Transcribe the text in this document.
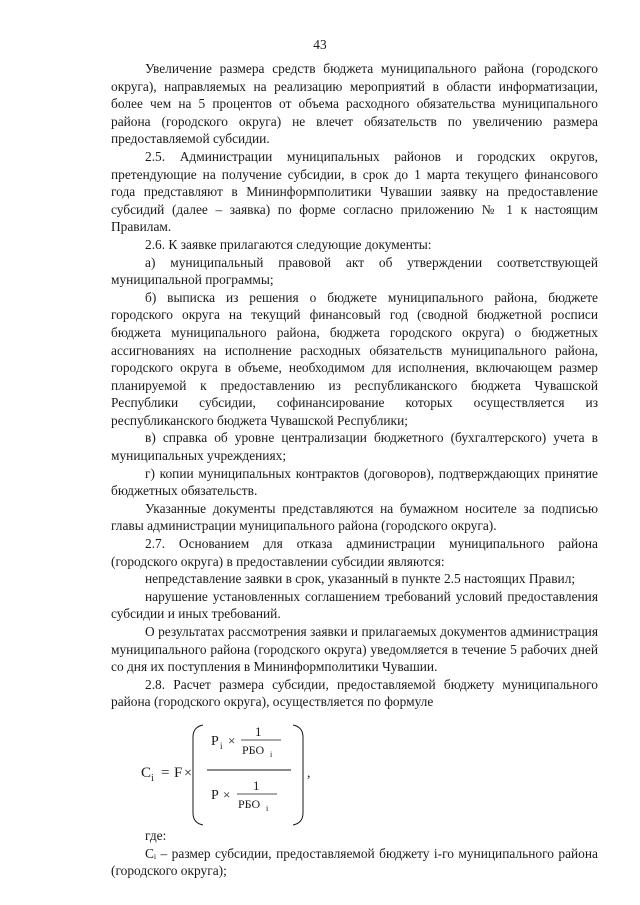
43

Увеличение размера средств бюджета муниципального района (городского округа), направляемых на реализацию мероприятий в области информатизации, более чем на 5 процентов от объема расходного обязательства муниципального района (городского округа) не влечет обязательств по увеличению размера предоставляемой субсидии.

2.5. Администрации муниципальных районов и городских округов, претендующие на получение субсидии, в срок до 1 марта текущего финансового года представляют в Мининформполитики Чувашии заявку на предоставление субсидий (далее – заявка) по форме согласно приложению № 1 к настоящим Правилам.

2.6. К заявке прилагаются следующие документы:

а) муниципальный правовой акт об утверждении соответствующей муниципальной программы;

б) выписка из решения о бюджете муниципального района, бюджете городского округа на текущий финансовый год (сводной бюджетной росписи бюджета муниципального района, бюджета городского округа) о бюджетных ассигнованиях на исполнение расходных обязательств муниципального района, городского округа в объеме, необходимом для исполнения, включающем размер планируемой к предоставлению из республиканского бюджета Чувашской Республики субсидии, софинансирование которых осуществляется из республиканского бюджета Чувашской Республики;

в) справка об уровне централизации бюджетного (бухгалтерского) учета в муниципальных учреждениях;

г) копии муниципальных контрактов (договоров), подтверждающих принятие бюджетных обязательств.

Указанные документы представляются на бумажном носителе за подписью главы администрации муниципального района (городского округа).

2.7. Основанием для отказа администрации муниципального района (городского округа) в предоставлении субсидии являются:

непредставление заявки в срок, указанный в пункте 2.5 настоящих Правил;

нарушение установленных соглашением требований условий предоставления субсидии и иных требований.

О результатах рассмотрения заявки и прилагаемых документов администрация муниципального района (городского округа) уведомляется в течение 5 рабочих дней со дня их поступления в Мининформполитики Чувашии.

2.8. Расчет размера субсидии, предоставляемой бюджету муниципального района (городского округа), осуществляется по формуле

C i = F ×
P i ×
1
РБО i
P ×
1
РБО i
,

где:

Cᵢ – размер субсидии, предоставляемой бюджету i-го муниципального района (городского округа);
